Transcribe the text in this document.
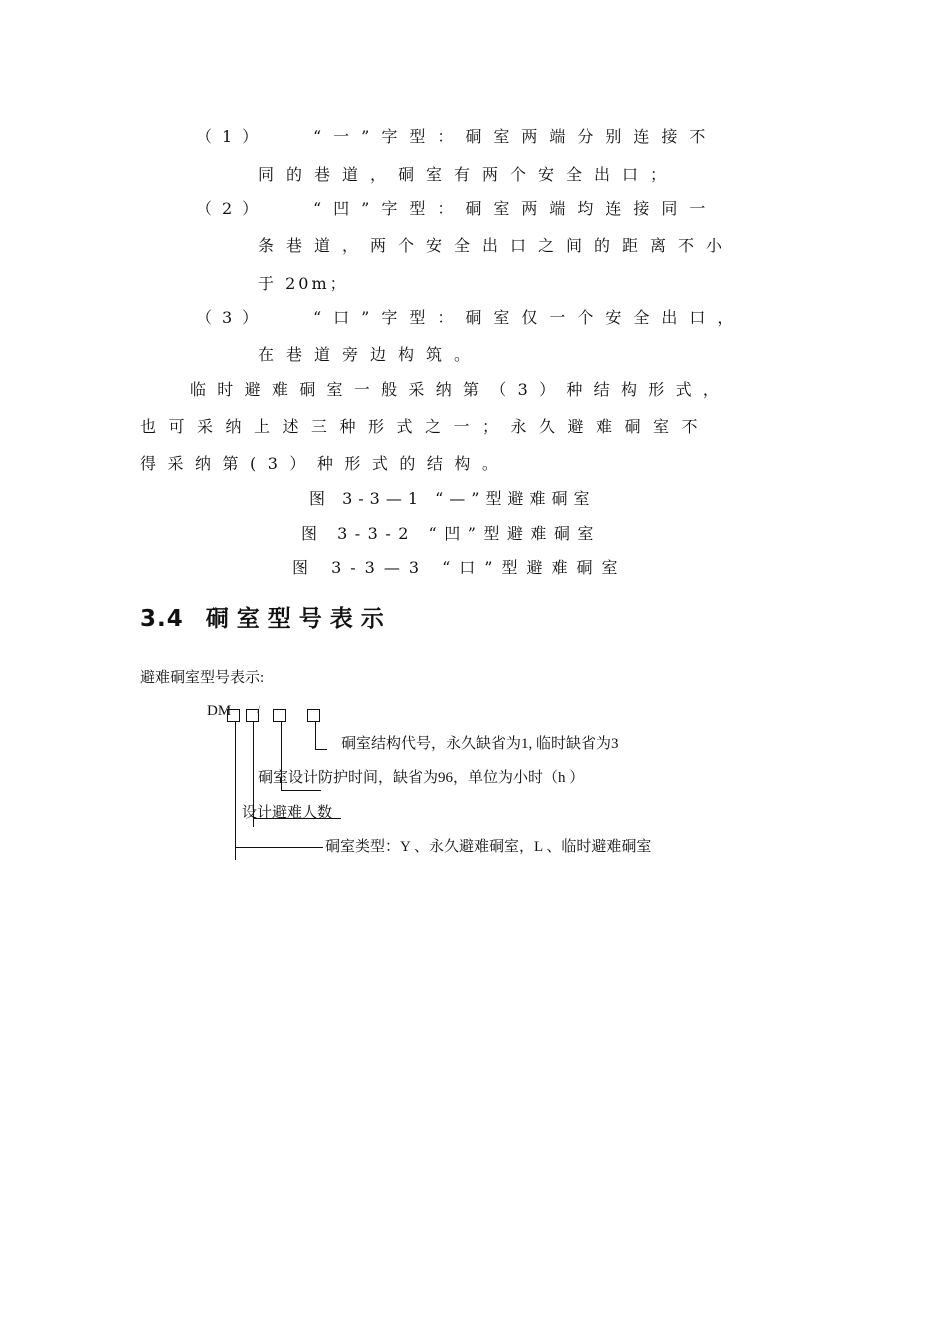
（1）	“一”字型：硐室两端分别连接不
同的巷道，硐室有两个安全出口；
（2）	“凹”字型：硐室两端均连接同一
条巷道，两个安全出口之间的距离不小
于 20m；
（3）	“口”字型：硐室仅一个安全出口，
在巷道旁边构筑。
临时避难硐室一般采纳第（3）种结构形式，
也可采纳上述三种形式之一；永久避难硐室不
得采纳第(3）种形式的结构。
图 3-3—1 “—”型避难硐室
图 3-3-2 “凹”型避难硐室
图 3-3—3 “口”型避难硐室
3.4 硐室型号表示
避难硐室型号表示:
DM /
硐室结构代号，永久缺省为1, 临时缺省为3
硐室设计防护时间，缺省为96，单位为小时（h ）
设计避难人数
硐室类型：Y 、永久避难硐室，L 、临时避难硐室
